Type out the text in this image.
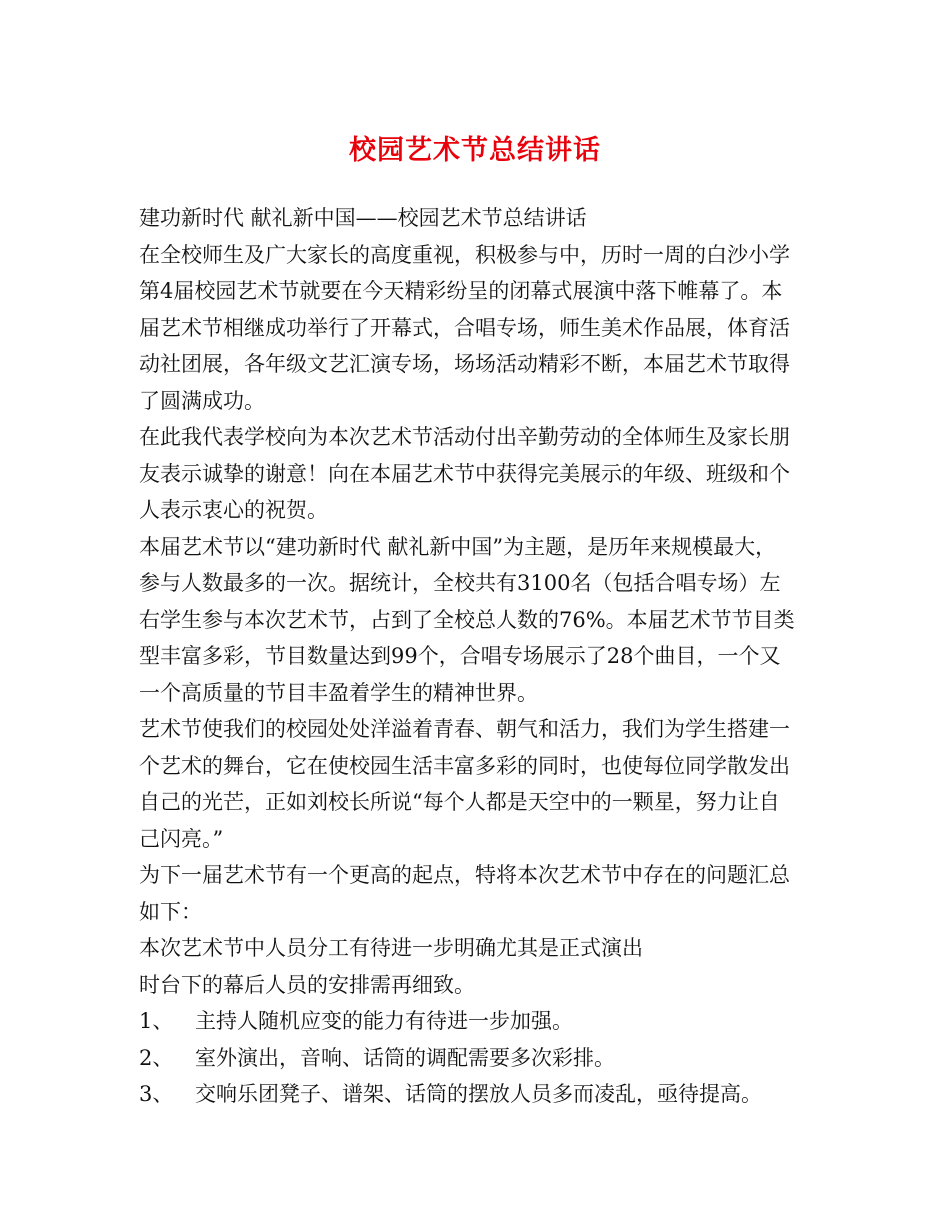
校园艺术节总结讲话

建功新时代 献礼新中国——校园艺术节总结讲话

在全校师生及广大家长的高度重视，积极参与中，历时一周的白沙小学

第4届校园艺术节就要在今天精彩纷呈的闭幕式展演中落下帷幕了。本

届艺术节相继成功举行了开幕式，合唱专场，师生美术作品展，体育活

动社团展，各年级文艺汇演专场，场场活动精彩不断，本届艺术节取得

了圆满成功。

在此我代表学校向为本次艺术节活动付出辛勤劳动的全体师生及家长朋

友表示诚挚的谢意！向在本届艺术节中获得完美展示的年级、班级和个

人表示衷心的祝贺。

本届艺术节以“建功新时代 献礼新中国”为主题，是历年来规模最大，

参与人数最多的一次。据统计，全校共有3100名（包括合唱专场）左

右学生参与本次艺术节，占到了全校总人数的76%。本届艺术节节目类

型丰富多彩，节目数量达到99个，合唱专场展示了28个曲目，一个又

一个高质量的节目丰盈着学生的精神世界。

艺术节使我们的校园处处洋溢着青春、朝气和活力，我们为学生搭建一

个艺术的舞台，它在使校园生活丰富多彩的同时，也使每位同学散发出

自己的光芒，正如刘校长所说“每个人都是天空中的一颗星，努力让自

己闪亮。”

为下一届艺术节有一个更高的起点，特将本次艺术节中存在的问题汇总

如下：

本次艺术节中人员分工有待进一步明确尤其是正式演出

时台下的幕后人员的安排需再细致。

1、	主持人随机应变的能力有待进一步加强。

2、	室外演出，音响、话筒的调配需要多次彩排。

3、	交响乐团凳子、谱架、话筒的摆放人员多而凌乱，亟待提高。
